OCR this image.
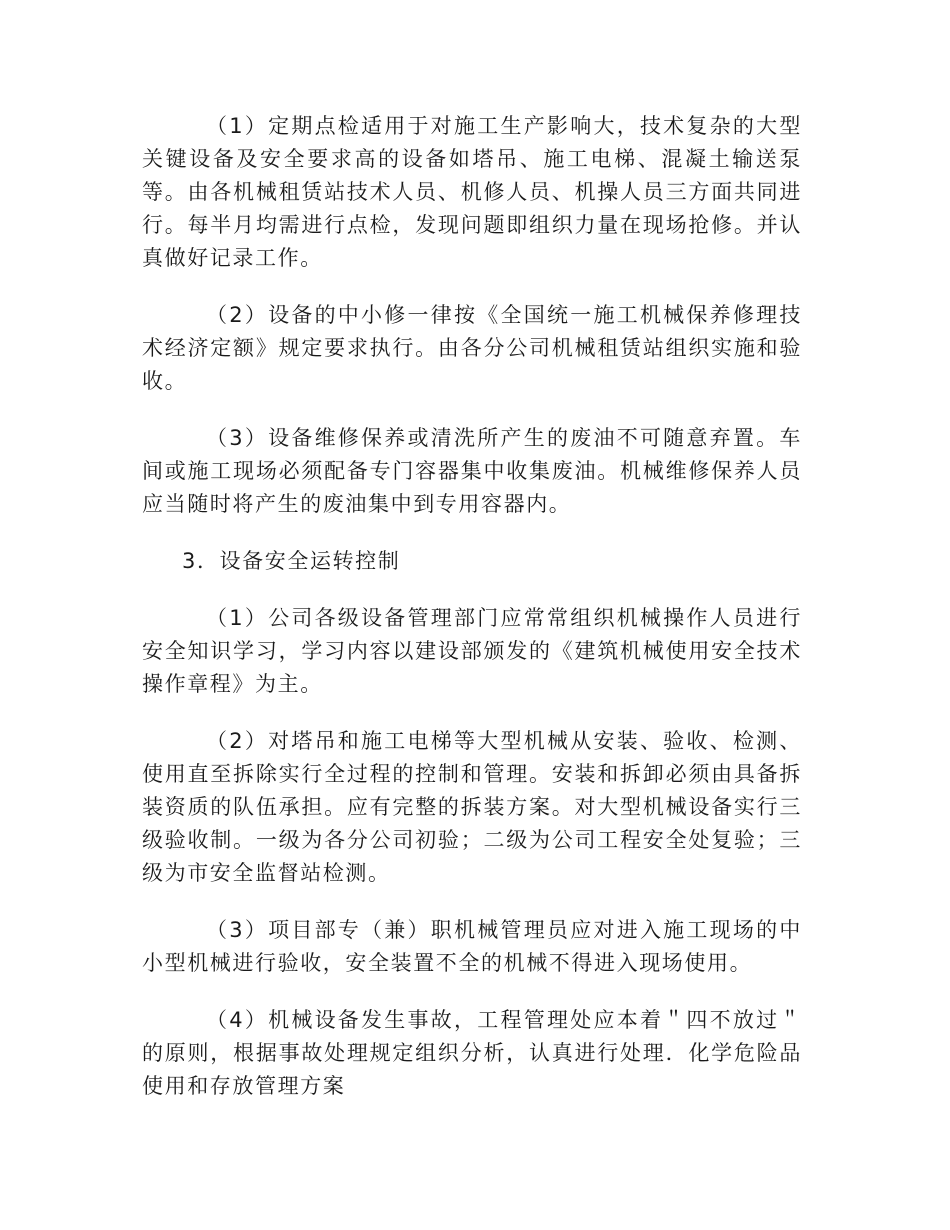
（1）定期点检适用于对施工生产影响大，技术复杂的大型关键设备及安全要求高的设备如塔吊、施工电梯、混凝土输送泵等。由各机械租赁站技术人员、机修人员、机操人员三方面共同进行。每半月均需进行点检，发现问题即组织力量在现场抢修。并认真做好记录工作。

（2）设备的中小修一律按《全国统一施工机械保养修理技术经济定额》规定要求执行。由各分公司机械租赁站组织实施和验收。

（3）设备维修保养或清洗所产生的废油不可随意弃置。车间或施工现场必须配备专门容器集中收集废油。机械维修保养人员应当随时将产生的废油集中到专用容器内。

3．设备安全运转控制

（1）公司各级设备管理部门应常常组织机械操作人员进行安全知识学习，学习内容以建设部颁发的《建筑机械使用安全技术操作章程》为主。

（2）对塔吊和施工电梯等大型机械从安装、验收、检测、使用直至拆除实行全过程的控制和管理。安装和拆卸必须由具备拆装资质的队伍承担。应有完整的拆装方案。对大型机械设备实行三级验收制。一级为各分公司初验；二级为公司工程安全处复验；三级为市安全监督站检测。

（3）项目部专（兼）职机械管理员应对进入施工现场的中小型机械进行验收，安全装置不全的机械不得进入现场使用。

（4）机械设备发生事故，工程管理处应本着＂四不放过＂的原则，根据事故处理规定组织分析，认真进行处理．化学危险品使用和存放管理方案
